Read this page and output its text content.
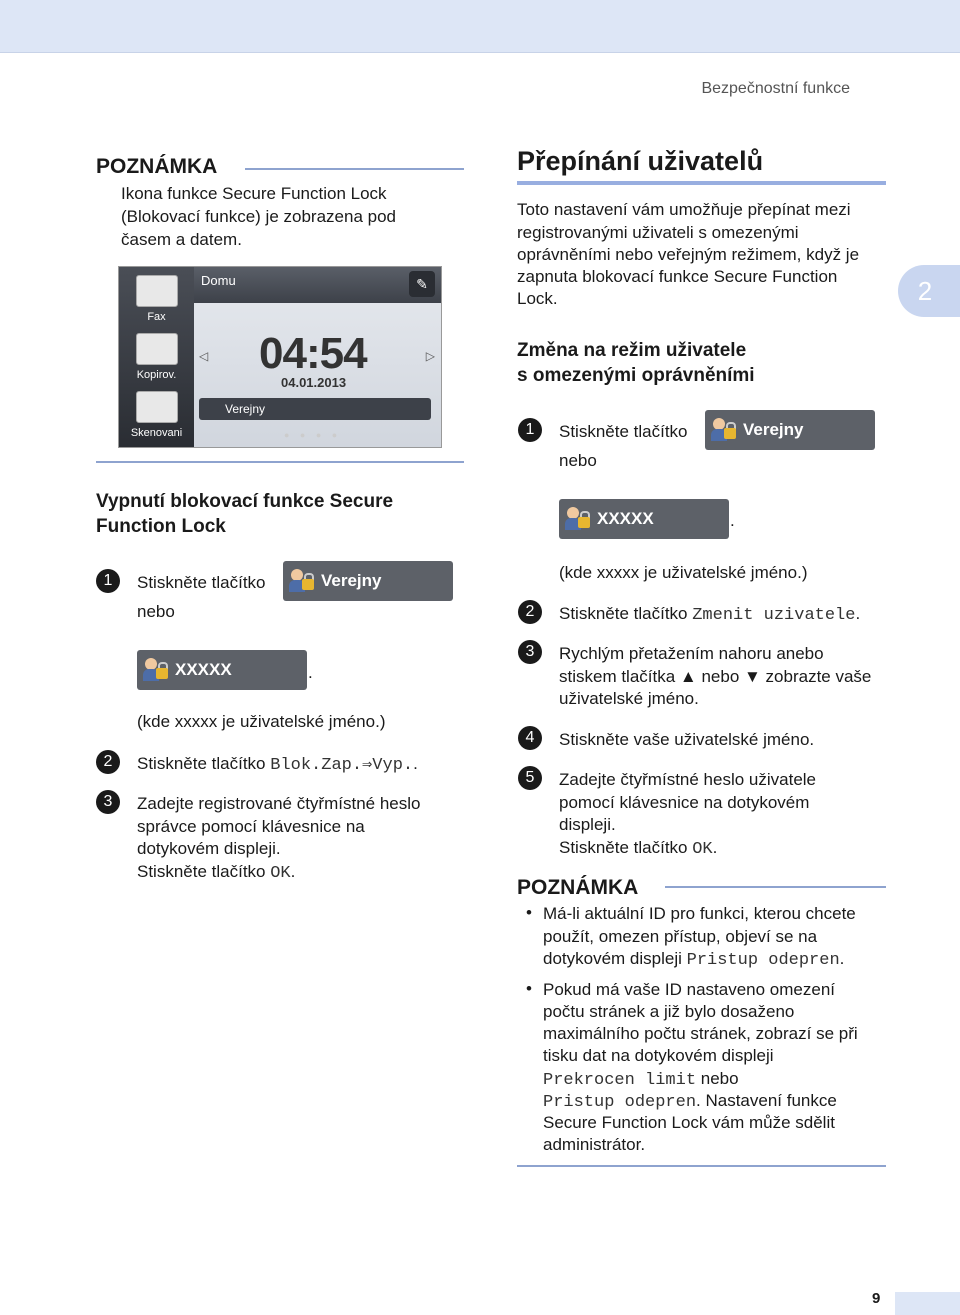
Bezpečnostní funkce
2
POZNÁMKA
Ikona funkce Secure Function Lock
(Blokovací funkce) je zobrazena pod
časem a datem.
Fax
Kopirov.
Skenovani
Domu	✎
◁	▷
04:54
04.01.2013
Verejny
● ● ● ●
Vypnutí blokovací funkce Secure
Function Lock
1	Stiskněte tlačítko	Verejny
nebo
XXXXX	.
(kde xxxxx je uživatelské jméno.)
2	Stiskněte tlačítko Blok.Zap.⇒Vyp..
3	Zadejte registrované čtyřmístné heslo
správce pomocí klávesnice na
dotykovém displeji.
Stiskněte tlačítko OK.
Přepínání uživatelů
Toto nastavení vám umožňuje přepínat mezi
registrovanými uživateli s omezenými
oprávněními nebo veřejným režimem, když je
zapnuta blokovací funkce Secure Function
Lock.
Změna na režim uživatele
s omezenými oprávněními
1	Stiskněte tlačítko	Verejny
nebo
XXXXX	.
(kde xxxxx je uživatelské jméno.)
2	Stiskněte tlačítko Zmenit uzivatele.
3	Rychlým přetažením nahoru anebo
stiskem tlačítka ▲ nebo ▼ zobrazte vaše
uživatelské jméno.
4	Stiskněte vaše uživatelské jméno.
5	Zadejte čtyřmístné heslo uživatele
pomocí klávesnice na dotykovém
displeji.
Stiskněte tlačítko OK.
POZNÁMKA
• Má-li aktuální ID pro funkci, kterou chcete
použít, omezen přístup, objeví se na
dotykovém displeji Pristup odepren.
• Pokud má vaše ID nastaveno omezení
počtu stránek a již bylo dosaženo
maximálního počtu stránek, zobrazí se při
tisku dat na dotykovém displeji
Prekrocen limit nebo
Pristup odepren. Nastavení funkce
Secure Function Lock vám může sdělit
administrátor.
9
